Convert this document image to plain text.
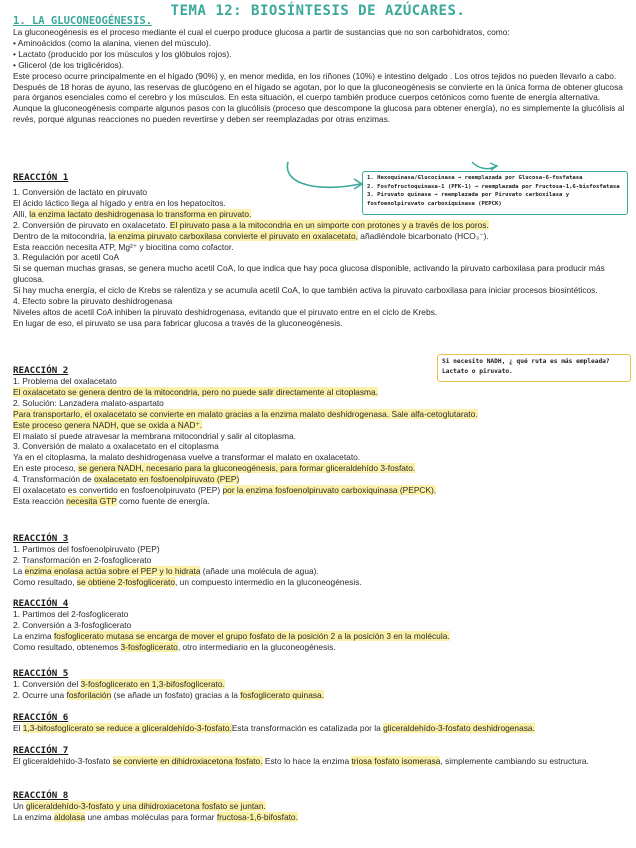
TEMA 12: BIOSÍNTESIS DE AZÚCARES.
1. LA GLUCONEOGÉNESIS.

La gluconeogénesis es el proceso mediante el cual el cuerpo produce glucosa a partir de sustancias que no son carbohidratos, como:

• Aminoácidos (como la alanina, vienen del músculo).

• Lactato (producido por los músculos y los glóbulos rojos).

• Glicerol (de los triglicéridos).

Este proceso ocurre principalmente en el hígado (90%) y, en menor medida, en los riñones (10%) e intestino delgado . Los otros tejidos no pueden llevarlo a cabo.

Después de 18 horas de ayuno, las reservas de glucógeno en el hígado se agotan, por lo que la gluconeogénesis se convierte en la única forma de obtener glucosa para órganos esenciales como el cerebro y los músculos. En esta situación, el cuerpo también produce cuerpos cetónicos como fuente de energía alternativa.

Aunque la gluconeogénesis comparte algunos pasos con la glucólisis (proceso que descompone la glucosa para obtener energía), no es simplemente la glucólisis al revés, porque algunas reacciones no pueden revertirse y deben ser reemplazadas por otras enzimas.

1. Hexoquinasa/Glucocinasa → reemplazada por Glucosa-6-fosfatasa

2. Fosfofructoquinasa-1 (PFK-1) → reemplazada por Fructosa-1,6-bisfosfatasa

3. Piruvato quinasa → reemplazada por Piruvato carboxilasa y

fosfoenolpiruvato carboxiquinasa (PEPCK)

REACCIÓN 1

1. Conversión de lactato en piruvato

El ácido láctico llega al hígado y entra en los hepatocitos.

Allí, la enzima lactato deshidrogenasa lo transforma en piruvato.

2. Conversión de piruvato en oxalacetato. El piruvato pasa a la mitocondria en un simporte con protones y a través de los poros.

Dentro de la mitocondria, la enzima piruvato carboxilasa convierte el piruvato en oxalacetato, añadiéndole bicarbonato (HCO₃⁻).

Esta reacción necesita ATP, Mg²⁺ y biocitina como cofactor.

3. Regulación por acetil CoA

Si se queman muchas grasas, se genera mucho acetil CoA, lo que indica que hay poca glucosa disponible, activando la piruvato carboxilasa para producir más glucosa.

Si hay mucha energía, el ciclo de Krebs se ralentiza y se acumula acetil CoA, lo que también activa la piruvato carboxilasa para iniciar procesos biosintéticos.

4. Efecto sobre la piruvato deshidrogenasa

Niveles altos de acetil CoA inhiben la piruvato deshidrogenasa, evitando que el piruvato entre en el ciclo de Krebs.

En lugar de eso, el piruvato se usa para fabricar glucosa a través de la gluconeogénesis.

Si necesito NADH, ¿ qué ruta es más empleada?

Lactato o piruvato.

REACCIÓN 2

1. Problema del oxalacetato

El oxalacetato se genera dentro de la mitocondria, pero no puede salir directamente al citoplasma.

2. Solución: Lanzadera malato-aspartato

Para transportarlo, el oxalacetato se convierte en malato gracias a la enzima malato deshidrogenasa. Sale alfa-cetoglutarato.

Este proceso genera NADH, que se oxida a NAD⁺.

El malato sí puede atravesar la membrana mitocondrial y salir al citoplasma.

3. Conversión de malato a oxalacetato en el citoplasma

Ya en el citoplasma, la malato deshidrogenasa vuelve a transformar el malato en oxalacetato.

En este proceso, se genera NADH, necesario para la gluconeogénesis, para formar gliceraldehído 3-fosfato.

4. Transformación de oxalacetato en fosfoenolpiruvato (PEP)

El oxalacetato es convertido en fosfoenolpiruvato (PEP) por la enzima fosfoenolpiruvato carboxiquinasa (PEPCK).

Esta reacción necesita GTP como fuente de energía.

REACCIÓN 3

1. Partimos del fosfoenolpiruvato (PEP)

2. Transformación en 2-fosfoglicerato

La enzima enolasa actúa sobre el PEP y lo hidrata (añade una molécula de agua).

Como resultado, se obtiene 2-fosfoglicerato, un compuesto intermedio en la gluconeogénesis.

REACCIÓN 4

1. Partimos del 2-fosfoglicerato

2. Conversión a 3-fosfoglicerato

La enzima fosfoglicerato mutasa se encarga de mover el grupo fosfato de la posición 2 a la posición 3 en la molécula.

Como resultado, obtenemos 3-fosfoglicerato, otro intermediario en la gluconeogénesis.

REACCIÓN 5

1. Conversión del 3-fosfoglicerato en 1,3-bifosfoglicerato.

2. Ocurre una fosforilación (se añade un fosfato) gracias a la fosfoglicerato quinasa.

REACCIÓN 6

El 1,3-bifosfoglicerato se reduce a gliceraldehído-3-fosfato.Esta transformación es catalizada por la gliceraldehído-3-fosfato deshidrogenasa.

REACCIÓN 7

El gliceraldehído-3-fosfato se convierte en dihidroxiacetona fosfato. Esto lo hace la enzima triosa fosfato isomerasa, simplemente cambiando su estructura.

REACCIÓN 8

Un gliceraldehído-3-fosfato y una dihidroxiacetona fosfato se juntan.

La enzima aldolasa une ambas moléculas para formar fructosa-1,6-bifosfato.
